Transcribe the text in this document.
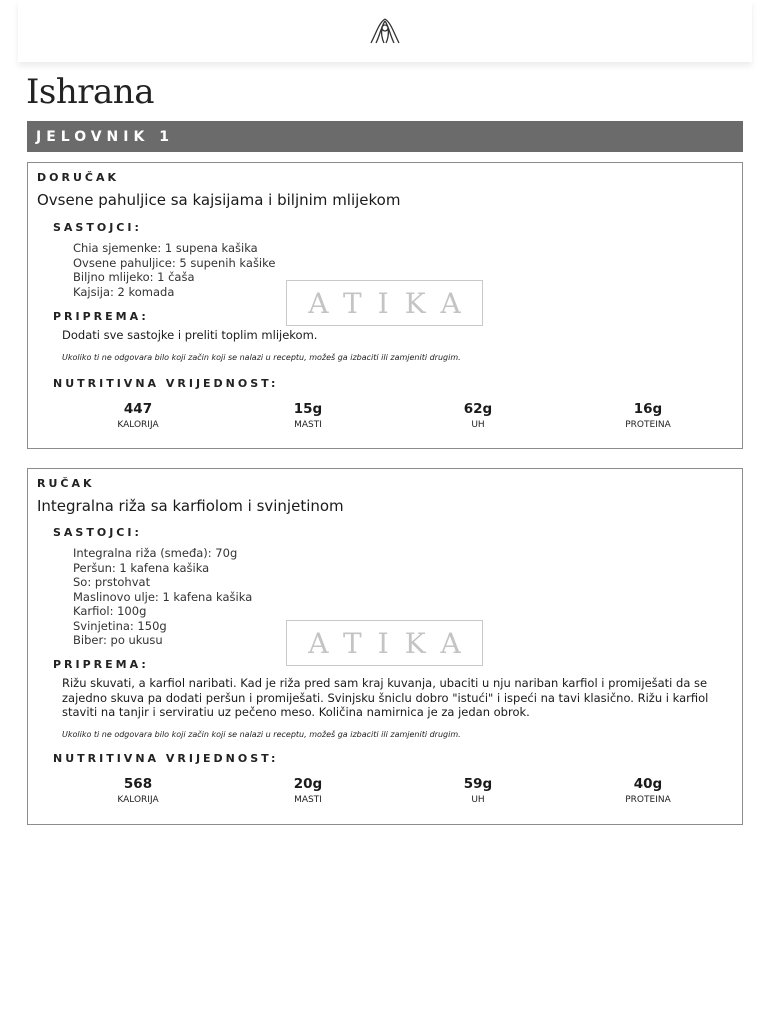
Ishrana
JELOVNIK 1
DORUČAK
Ovsene pahuljice sa kajsijama i biljnim mlijekom
SASTOJCI:
Chia sjemenke: 1 supena kašika
Ovsene pahuljice: 5 supenih kašike
Biljno mlijeko: 1 čaša
Kajsija: 2 komada	ATIKA
PRIPREMA:

Dodati sve sastojke i preliti toplim mlijekom.

Ukoliko ti ne odgovara bilo koji začin koji se nalazi u receptu, možeš ga izbaciti ili zamjeniti drugim.
NUTRITIVNA VRIJEDNOST:
447
KALORIJA
15g
MASTI
62g
UH
16g
PROTEINA
RUČAK
Integralna riža sa karfiolom i svinjetinom
SASTOJCI:
Integralna riža (smeđa): 70g
Peršun: 1 kafena kašika
So: prstohvat
Maslinovo ulje: 1 kafena kašika
Karfiol: 100g
Svinjetina: 150g
Biber: po ukusu	ATIKA
PRIPREMA:

Rižu skuvati, a karfiol naribati. Kad je riža pred sam kraj kuvanja, ubaciti u nju nariban karfiol i promiješati da se zajedno skuva pa dodati peršun i promiješati. Svinjsku šniclu dobro "istući" i ispeći na tavi klasično. Rižu i karfiol staviti na tanjir i serviratiu uz pečeno meso. Količina namirnica je za jedan obrok.

Ukoliko ti ne odgovara bilo koji začin koji se nalazi u receptu, možeš ga izbaciti ili zamjeniti drugim.
NUTRITIVNA VRIJEDNOST:
568
KALORIJA
20g
MASTI
59g
UH
40g
PROTEINA
